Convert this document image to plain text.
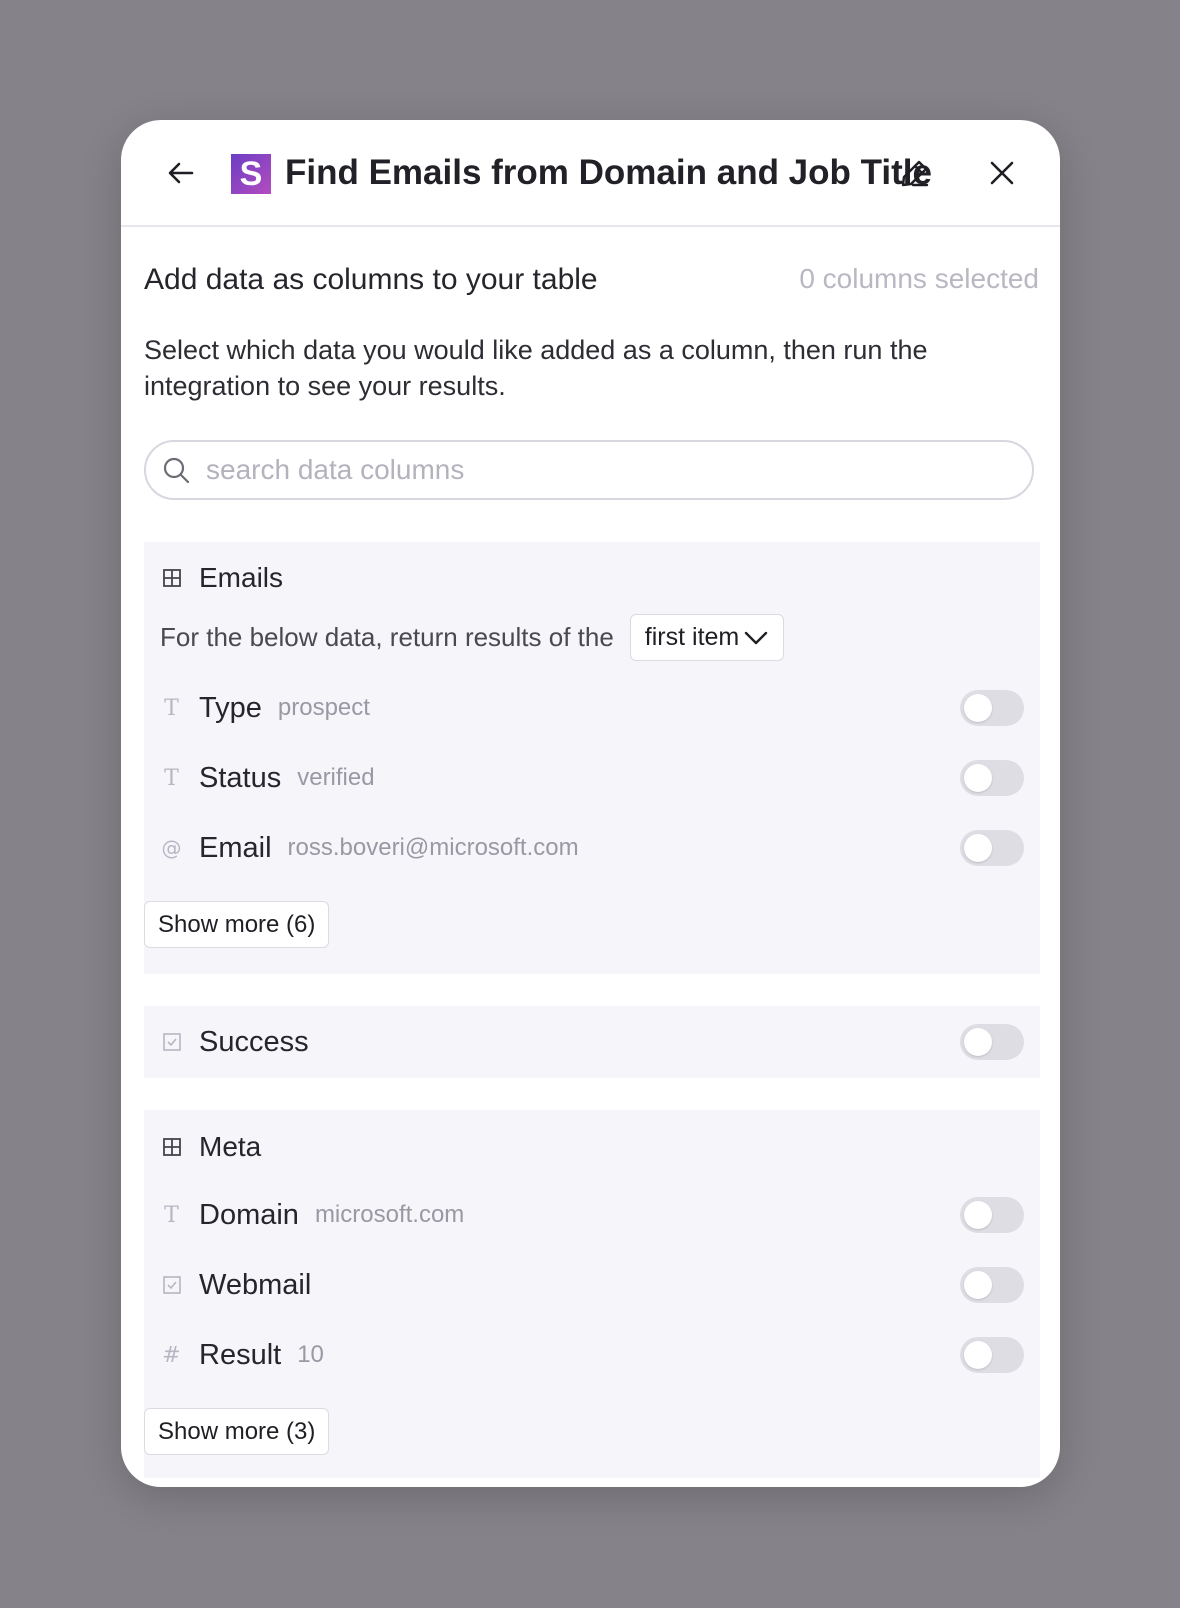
S Find Emails from Domain and Job Title
Add data as columns to your table	0 columns selected
Select which data you would like added as a column, then run the integration to see your results.
search data columns
Emails
For the below data, return results of the first item
T Type prospect
T Status verified
@ Email ross.boveri@microsoft.com
Show more (6)
Success
Meta
T Domain microsoft.com
Webmail
# Result 10
Show more (3)
